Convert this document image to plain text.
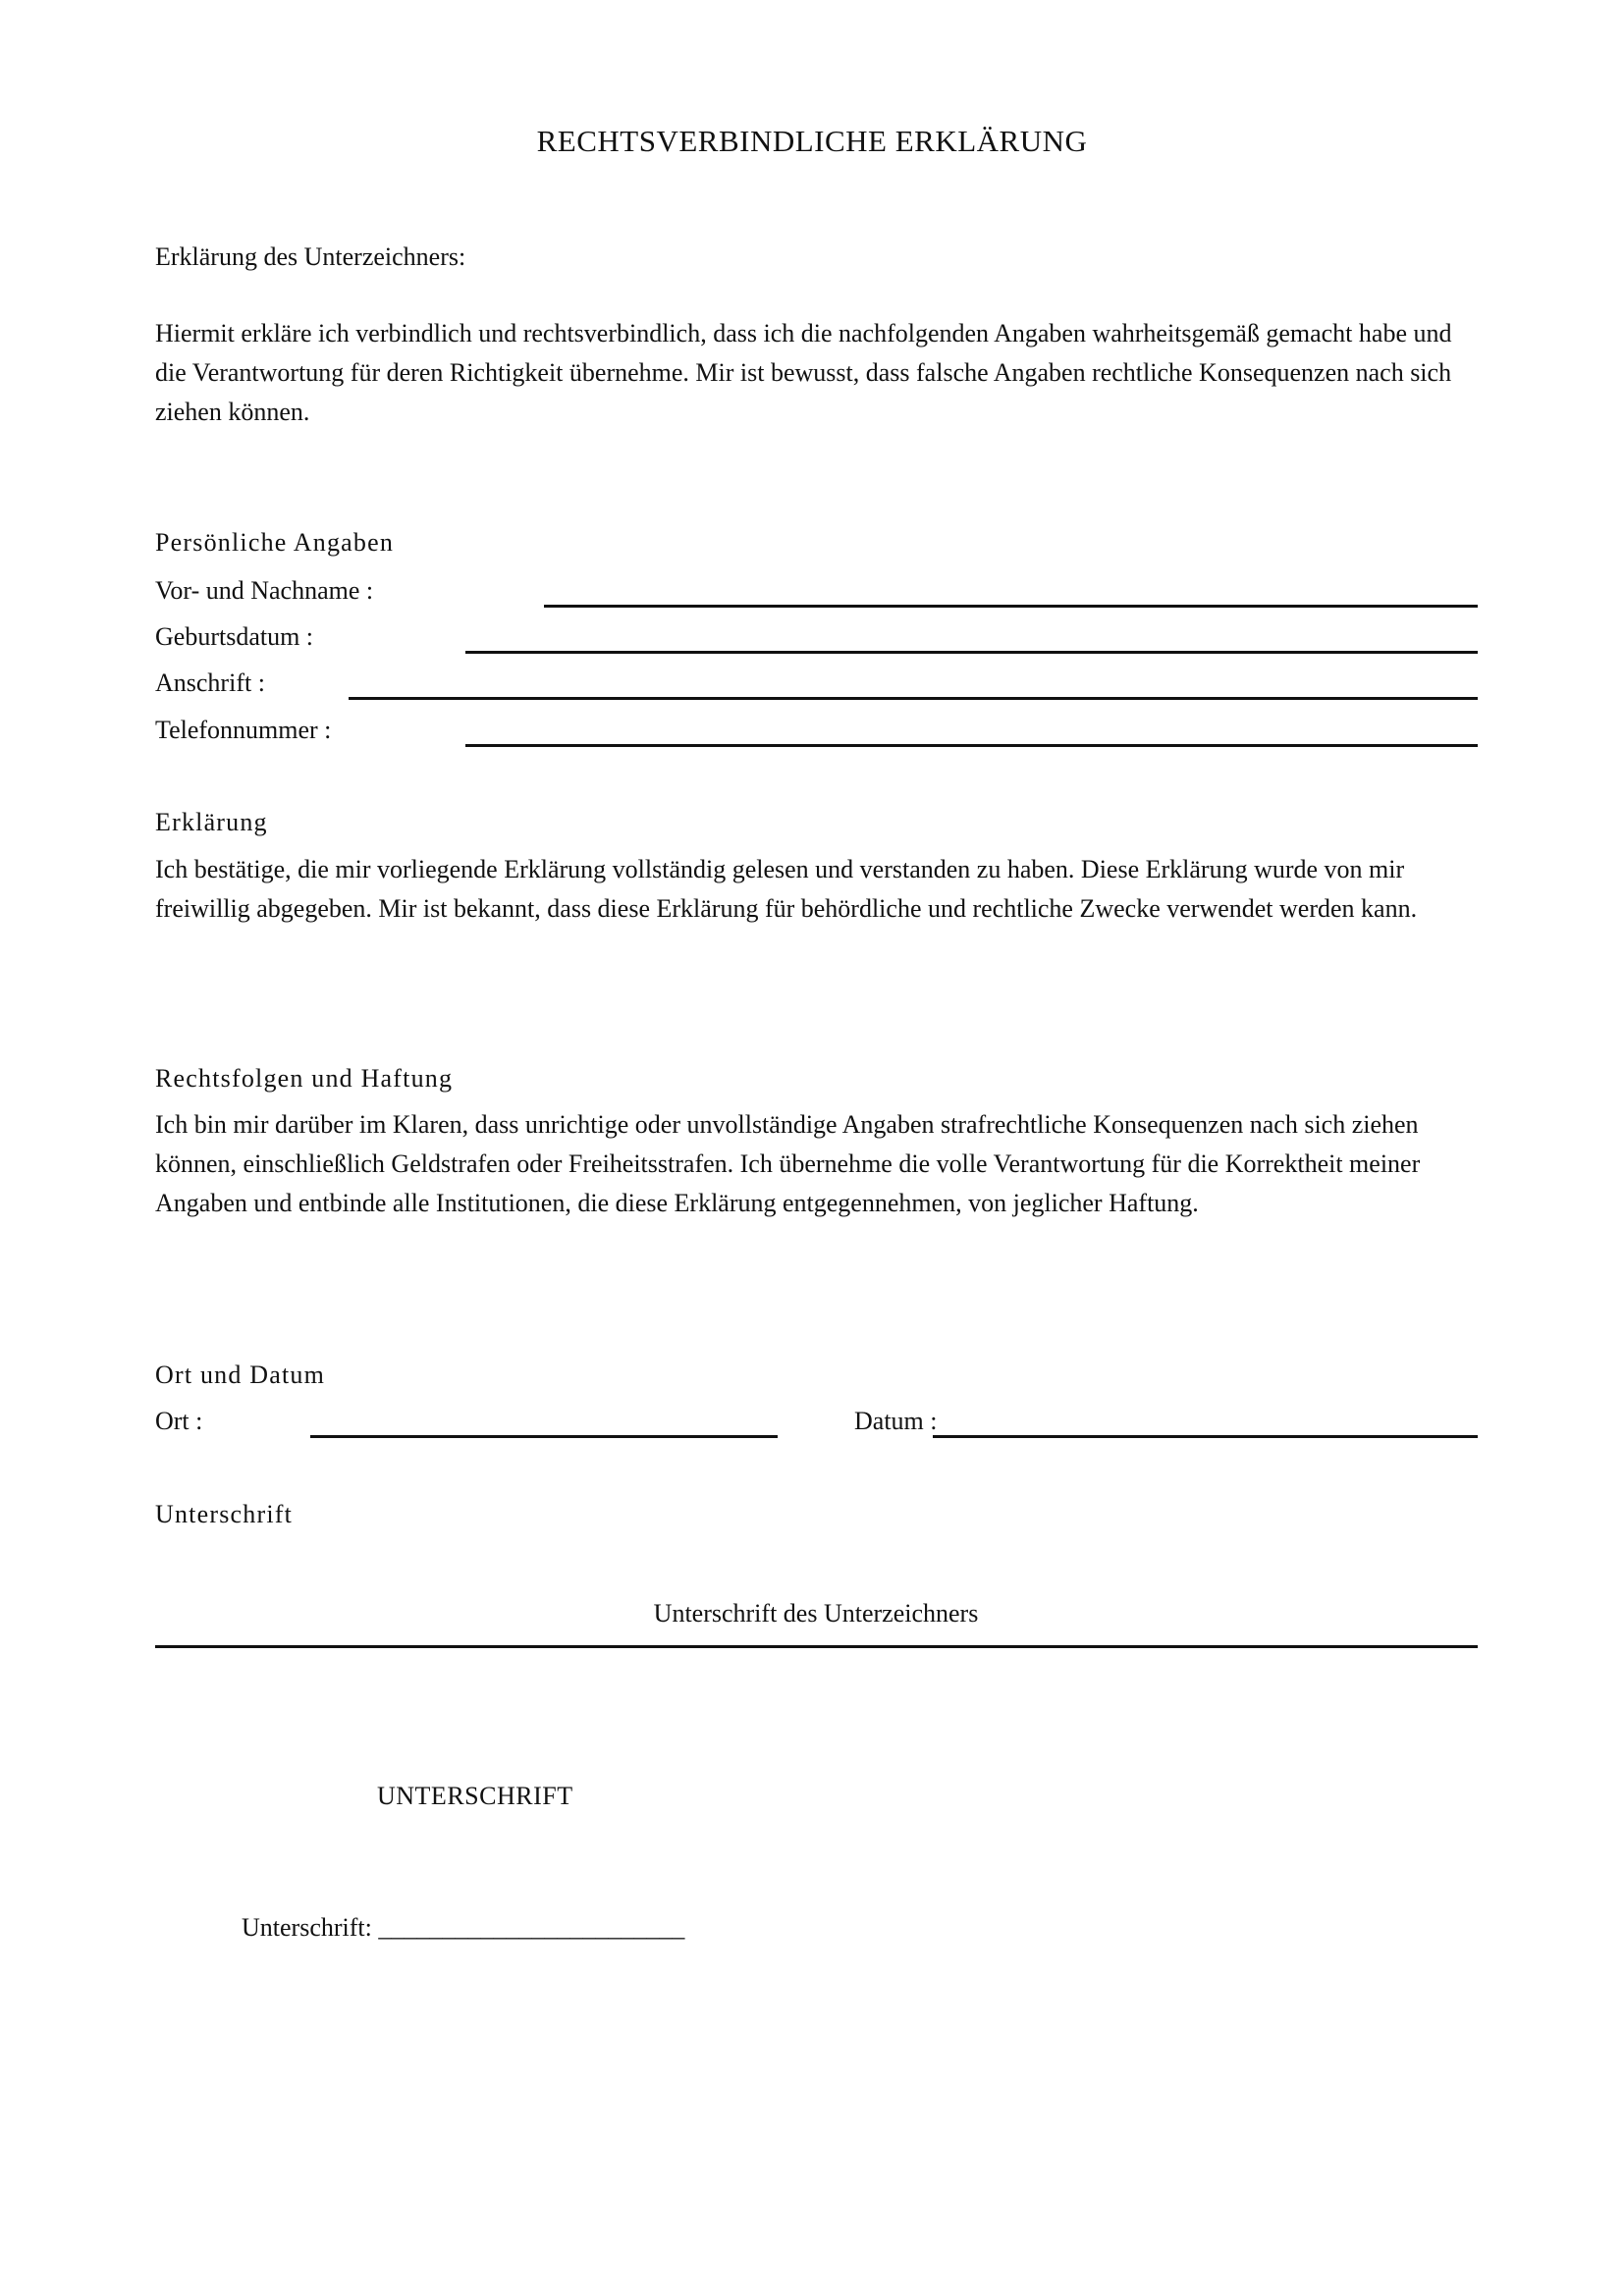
RECHTSVERBINDLICHE ERKLÄRUNG
Erklärung des Unterzeichners:
Hiermit erkläre ich verbindlich und rechtsverbindlich, dass ich die nachfolgenden Angaben wahrheitsgemäß gemacht habe und die Verantwortung für deren Richtigkeit übernehme. Mir ist bewusst, dass falsche Angaben rechtliche Konsequenzen nach sich ziehen können.
Persönliche Angaben
Vor- und Nachname :
Geburtsdatum :
Anschrift :
Telefonnummer :
Erklärung
Ich bestätige, die mir vorliegende Erklärung vollständig gelesen und verstanden zu haben. Diese Erklärung wurde von mir freiwillig abgegeben. Mir ist bekannt, dass diese Erklärung für behördliche und rechtliche Zwecke verwendet werden kann.
Rechtsfolgen und Haftung
Ich bin mir darüber im Klaren, dass unrichtige oder unvollständige Angaben strafrechtliche Konsequenzen nach sich ziehen können, einschließlich Geldstrafen oder Freiheitsstrafen. Ich übernehme die volle Verantwortung für die Korrektheit meiner Angaben und entbinde alle Institutionen, die diese Erklärung entgegennehmen, von jeglicher Haftung.
Ort und Datum
Ort :	Datum :
Unterschrift
Unterschrift des Unterzeichners
UNTERSCHRIFT
Unterschrift: ________________________
